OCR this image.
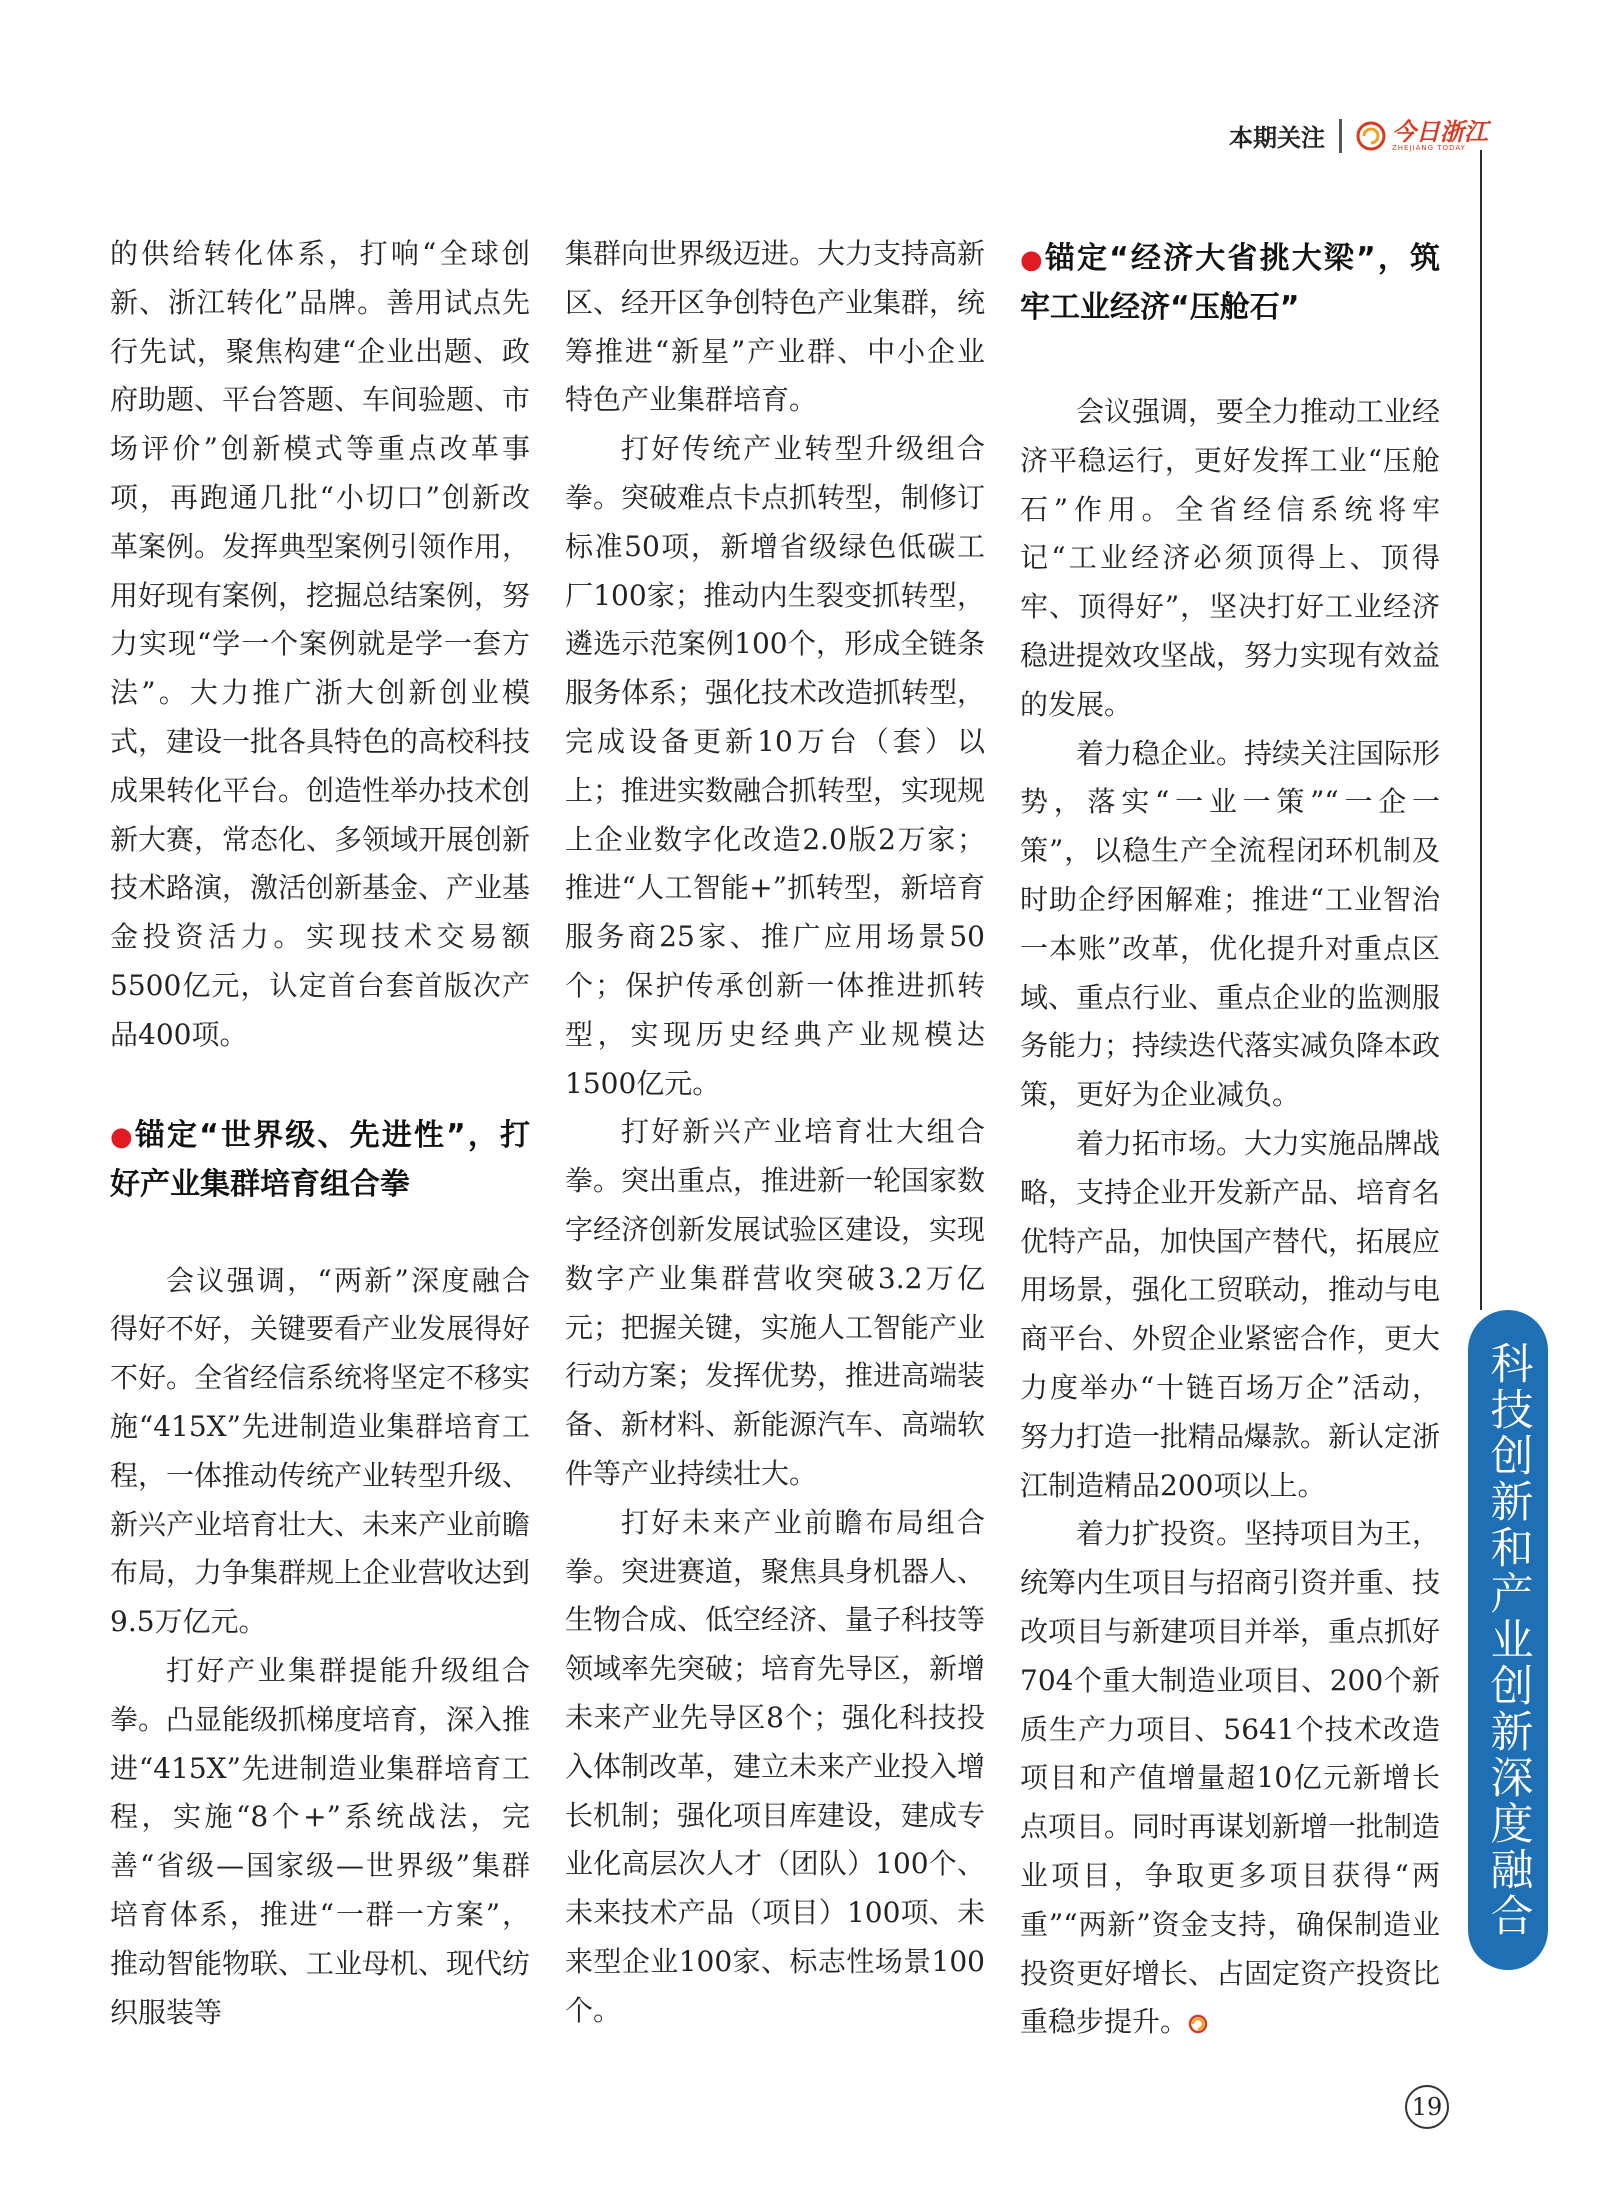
本期关注	今日浙江
ZHEJIANG TODAY

的供给转化体系，打响“全球创新、浙江转化”品牌。善用试点先行先试，聚焦构建“企业出题、政府助题、平台答题、车间验题、市场评价”创新模式等重点改革事项，再跑通几批“小切口”创新改革案例。发挥典型案例引领作用，用好现有案例，挖掘总结案例，努力实现“学一个案例就是学一套方法”。大力推广浙大创新创业模式，建设一批各具特色的高校科技成果转化平台。创造性举办技术创新大赛，常态化、多领域开展创新技术路演，激活创新基金、产业基金投资活力。实现技术交易额5500亿元，认定首台套首版次产品400项。

●锚定“世界级、先进性”，打好产业集群培育组合拳

会议强调，“两新”深度融合得好不好，关键要看产业发展得好不好。全省经信系统将坚定不移实施“415X”先进制造业集群培育工程，一体推动传统产业转型升级、新兴产业培育壮大、未来产业前瞻布局，力争集群规上企业营收达到9.5万亿元。

打好产业集群提能升级组合拳。凸显能级抓梯度培育，深入推进“415X”先进制造业集群培育工程，实施“8个+”系统战法，完善“省级—国家级—世界级”集群培育体系，推进“一群一方案”，推动智能物联、工业母机、现代纺织服装等

集群向世界级迈进。大力支持高新区、经开区争创特色产业集群，统筹推进“新星”产业群、中小企业特色产业集群培育。

打好传统产业转型升级组合拳。突破难点卡点抓转型，制修订标准50项，新增省级绿色低碳工厂100家；推动内生裂变抓转型，遴选示范案例100个，形成全链条服务体系；强化技术改造抓转型，完成设备更新10万台（套）以上；推进实数融合抓转型，实现规上企业数字化改造2.0版2万家；推进“人工智能+”抓转型，新培育服务商25家、推广应用场景50个；保护传承创新一体推进抓转型，实现历史经典产业规模达1500亿元。

打好新兴产业培育壮大组合拳。突出重点，推进新一轮国家数字经济创新发展试验区建设，实现数字产业集群营收突破3.2万亿元；把握关键，实施人工智能产业行动方案；发挥优势，推进高端装备、新材料、新能源汽车、高端软件等产业持续壮大。

打好未来产业前瞻布局组合拳。突进赛道，聚焦具身机器人、生物合成、低空经济、量子科技等领域率先突破；培育先导区，新增未来产业先导区8个；强化科技投入体制改革，建立未来产业投入增长机制；强化项目库建设，建成专业化高层次人才（团队）100个、未来技术产品（项目）100项、未来型企业100家、标志性场景100个。

●锚定“经济大省挑大梁”，筑牢工业经济“压舱石”

会议强调，要全力推动工业经济平稳运行，更好发挥工业“压舱石”作用。全省经信系统将牢记“工业经济必须顶得上、顶得牢、顶得好”，坚决打好工业经济稳进提效攻坚战，努力实现有效益的发展。

着力稳企业。持续关注国际形势，落实“一业一策”“一企一策”，以稳生产全流程闭环机制及时助企纾困解难；推进“工业智治一本账”改革，优化提升对重点区域、重点行业、重点企业的监测服务能力；持续迭代落实减负降本政策，更好为企业减负。

着力拓市场。大力实施品牌战略，支持企业开发新产品、培育名优特产品，加快国产替代，拓展应用场景，强化工贸联动，推动与电商平台、外贸企业紧密合作，更大力度举办“十链百场万企”活动，努力打造一批精品爆款。新认定浙江制造精品200项以上。

着力扩投资。坚持项目为王，统筹内生项目与招商引资并重、技改项目与新建项目并举，重点抓好704个重大制造业项目、200个新质生产力项目、5641个技术改造项目和产值增量超10亿元新增长点项目。同时再谋划新增一批制造业项目，争取更多项目获得“两重”“两新”资金支持，确保制造业投资更好增长、占固定资产投资比重稳步提升。

科技创新和产业创新深度融合
19
